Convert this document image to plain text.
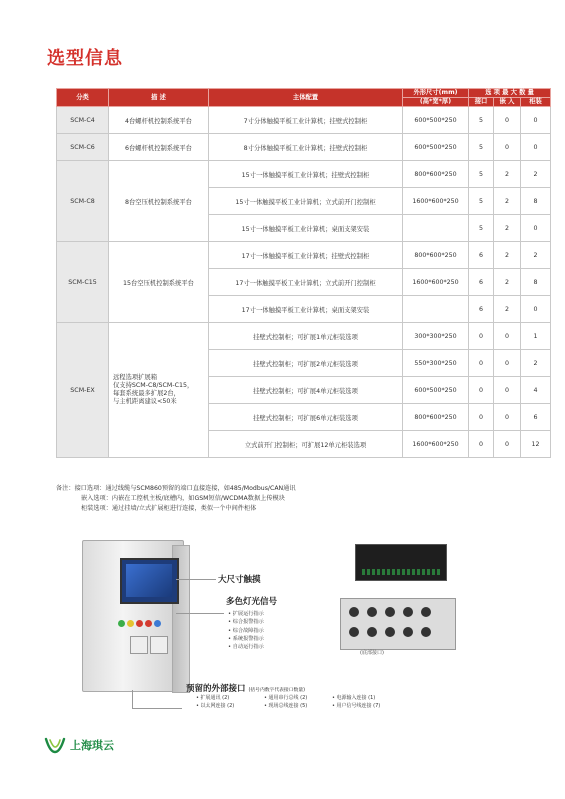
选型信息
分类	描 述	主体配置	外形尺寸(mm)	选 项 最 大 数 量		
			(高*宽*厚)	接口	嵌 入	柜装
SCM-C4	4台螺杆机控制系统平台	7寸分体触摸平板工业计算机；挂壁式控制柜	600*500*250	5	0	0
SCM-C6	6台螺杆机控制系统平台	8寸分体触摸平板工业计算机；挂壁式控制柜	600*500*250	5	0	0
SCM-C8	8台空压机控制系统平台	15寸一体触摸平板工业计算机；挂壁式控制柜	800*600*250	5	2	2
		15寸一体触摸平板工业计算机；立式前开门控制柜	1600*600*250	5	2	8
		15寸一体触摸平板工业计算机；桌面支架安装		5	2	0
SCM-C15	15台空压机控制系统平台	17寸一体触摸平板工业计算机；挂壁式控制柜	800*600*250	6	2	2
		17寸一体触摸平板工业计算机；立式前开门控制柜	1600*600*250	6	2	8
		17寸一体触摸平板工业计算机；桌面支架安装		6	2	0
SCM-EX	远程选项扩展箱
仅支持SCM-C8/SCM-C15，
每套系统最多扩展2台，
与主机距离建议<50米	挂壁式控制柜；可扩展1单元柜装选项	300*300*250	0	0	1
		挂壁式控制柜；可扩展2单元柜装选项	550*300*250	0	0	2
		挂壁式控制柜；可扩展4单元柜装选项	600*500*250	0	0	4
		挂壁式控制柜；可扩展6单元柜装选项	800*600*250	0	0	6
		立式前开门控制柜；可扩展12单元柜装选项	1600*600*250	0	0	12
备注：接口选项：通过线缆与SCM860预留的端口直接连接，如485/Modbus/CAN通讯
嵌入选项：内嵌在工控机主板/底槽内，如GSM短信/WCDMA数据上传模块
柜装选项：通过挂墙/立式扩展柜进行连接，类似一个中间件柜体
大尺寸触摸
多色灯光信号
• 扩展运行指示
• 综合报警指示
• 综合故障指示
• 系统报警指示
• 自动运行指示
预留的外部接口 (括号内数字代表接口数量)
• 扩展通讯 (2)	• 通用串行总线 (2)	• 电源输入连接 (1)
• 以太网连接 (2)	• 现场总线连接 (5)	• 用户信号线连接 (7)
(底部接口)
上海琪云
